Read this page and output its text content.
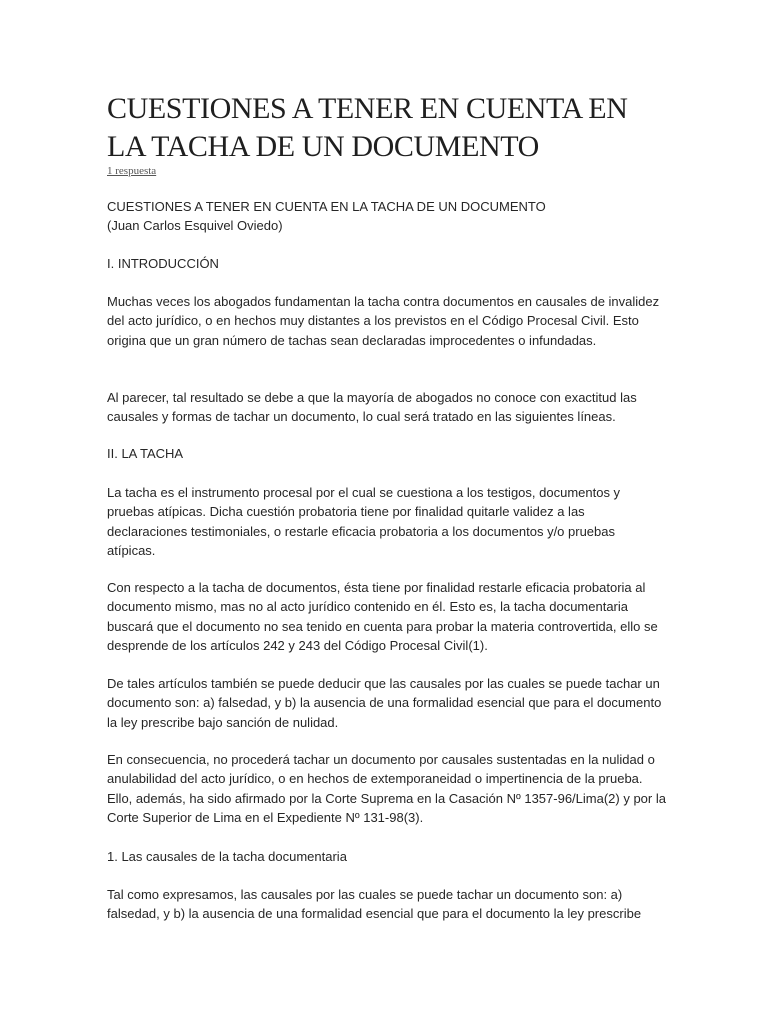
CUESTIONES A TENER EN CUENTA EN LA TACHA DE UN DOCUMENTO
1 respuesta

CUESTIONES A TENER EN CUENTA EN LA TACHA DE UN DOCUMENTO

(Juan Carlos Esquivel Oviedo)

I. INTRODUCCIÓN

Muchas veces los abogados fundamentan la tacha contra documentos en causales de invalidez del acto jurídico, o en hechos muy distantes a los previstos en el Código Procesal Civil. Esto origina que un gran número de tachas sean declaradas improcedentes o infundadas.

Al parecer, tal resultado se debe a que la mayoría de abogados no conoce con exactitud las causales y formas de tachar un documento, lo cual será tratado en las siguientes líneas.

II. LA TACHA

La tacha es el instrumento procesal por el cual se cuestiona a los testigos, documentos y pruebas atípicas. Dicha cuestión probatoria tiene por finalidad quitarle validez a las declaraciones testimoniales, o restarle eficacia probatoria a los documentos y/o pruebas atípicas.

Con respecto a la tacha de documentos, ésta tiene por finalidad restarle eficacia probatoria al documento mismo, mas no al acto jurídico contenido en él. Esto es, la tacha documentaria buscará que el documento no sea tenido en cuenta para probar la materia controvertida, ello se desprende de los artículos 242 y 243 del Código Procesal Civil(1).

De tales artículos también se puede deducir que las causales por las cuales se puede tachar un documento son: a) falsedad, y b) la ausencia de una formalidad esencial que para el documento la ley prescribe bajo sanción de nulidad.

En consecuencia, no procederá tachar un documento por causales sustentadas en la nulidad o anulabilidad del acto jurídico, o en hechos de extemporaneidad o impertinencia de la prueba. Ello, además, ha sido afirmado por la Corte Suprema en la Casación Nº 1357-96/Lima(2) y por la Corte Superior de Lima en el Expediente Nº 131-98(3).

1. Las causales de la tacha documentaria

Tal como expresamos, las causales por las cuales se puede tachar un documento son: a) falsedad, y b) la ausencia de una formalidad esencial que para el documento la ley prescribe
